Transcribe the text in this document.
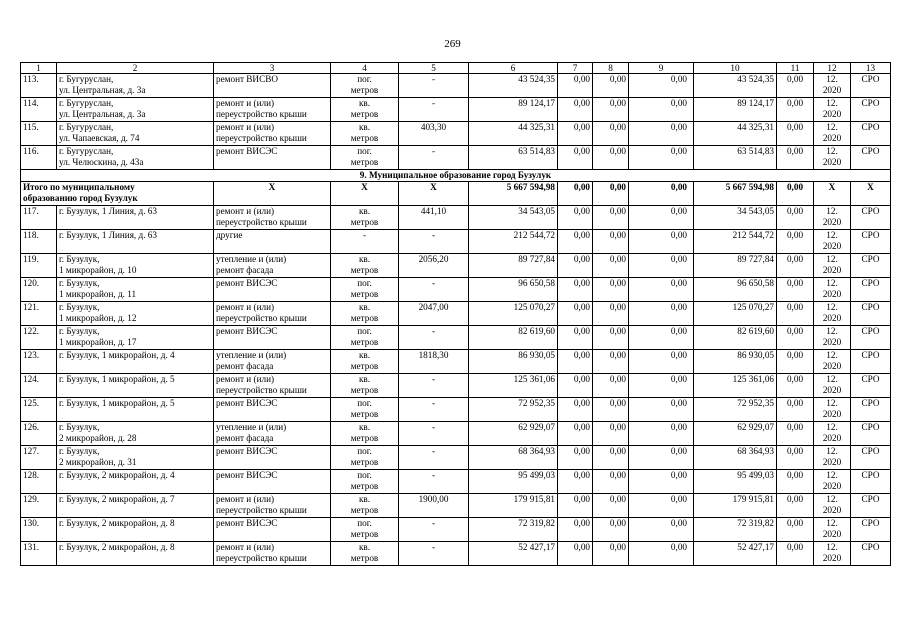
269
1	2	3	4	5	6	7	8	9	10	11	12	13
113.	г. Бугуруслан,
ул. Центральная, д. 3а	ремонт ВИСВО	пог.
метров	-	43 524,35	0,00	0,00	0,00	43 524,35	0,00	12.
2020	СРО
114.	г. Бугуруслан,
ул. Центральная, д. 3а	ремонт и (или)
переустройство крыши	кв.
метров	-	89 124,17	0,00	0,00	0,00	89 124,17	0,00	12.
2020	СРО
115.	г. Бугуруслан,
ул. Чапаевская, д. 74	ремонт и (или)
переустройство крыши	кв.
метров	403,30	44 325,31	0,00	0,00	0,00	44 325,31	0,00	12.
2020	СРО
116.	г. Бугуруслан,
ул. Челюскина, д. 43а	ремонт ВИСЭС	пог.
метров	-	63 514,83	0,00	0,00	0,00	63 514,83	0,00	12.
2020	СРО
9. Муниципальное образование город Бузулук												
Итого по муниципальному
образованию город Бузулук		X	X	X	5 667 594,98	0,00	0,00	0,00	5 667 594,98	0,00	X	X
117.	г. Бузулук, 1 Линия, д. 63	ремонт и (или)
переустройство крыши	кв.
метров	441,10	34 543,05	0,00	0,00	0,00	34 543,05	0,00	12.
2020	СРО
118.	г. Бузулук, 1 Линия, д. 63	другие	-	-	212 544,72	0,00	0,00	0,00	212 544,72	0,00	12.
2020	СРО
119.	г. Бузулук,
1 микрорайон, д. 10	утепление и (или)
ремонт фасада	кв.
метров	2056,20	89 727,84	0,00	0,00	0,00	89 727,84	0,00	12.
2020	СРО
120.	г. Бузулук,
1 микрорайон, д. 11	ремонт ВИСЭС	пог.
метров	-	96 650,58	0,00	0,00	0,00	96 650,58	0,00	12.
2020	СРО
121.	г. Бузулук,
1 микрорайон, д. 12	ремонт и (или)
переустройство крыши	кв.
метров	2047,00	125 070,27	0,00	0,00	0,00	125 070,27	0,00	12.
2020	СРО
122.	г. Бузулук,
1 микрорайон, д. 17	ремонт ВИСЭС	пог.
метров	-	82 619,60	0,00	0,00	0,00	82 619,60	0,00	12.
2020	СРО
123.	г. Бузулук, 1 микрорайон, д. 4	утепление и (или)
ремонт фасада	кв.
метров	1818,30	86 930,05	0,00	0,00	0,00	86 930,05	0,00	12.
2020	СРО
124.	г. Бузулук, 1 микрорайон, д. 5	ремонт и (или)
переустройство крыши	кв.
метров	-	125 361,06	0,00	0,00	0,00	125 361,06	0,00	12.
2020	СРО
125.	г. Бузулук, 1 микрорайон, д. 5	ремонт ВИСЭС	пог.
метров	-	72 952,35	0,00	0,00	0,00	72 952,35	0,00	12.
2020	СРО
126.	г. Бузулук,
2 микрорайон, д. 28	утепление и (или)
ремонт фасада	кв.
метров	-	62 929,07	0,00	0,00	0,00	62 929,07	0,00	12.
2020	СРО
127.	г. Бузулук,
2 микрорайон, д. 31	ремонт ВИСЭС	пог.
метров	-	68 364,93	0,00	0,00	0,00	68 364,93	0,00	12.
2020	СРО
128.	г. Бузулук, 2 микрорайон, д. 4	ремонт ВИСЭС	пог.
метров	-	95 499,03	0,00	0,00	0,00	95 499,03	0,00	12.
2020	СРО
129.	г. Бузулук, 2 микрорайон, д. 7	ремонт и (или)
переустройство крыши	кв.
метров	1900,00	179 915,81	0,00	0,00	0,00	179 915,81	0,00	12.
2020	СРО
130.	г. Бузулук, 2 микрорайон, д. 8	ремонт ВИСЭС	пог.
метров	-	72 319,82	0,00	0,00	0,00	72 319,82	0,00	12.
2020	СРО
131.	г. Бузулук, 2 микрорайон, д. 8	ремонт и (или)
переустройство крыши	кв.
метров	-	52 427,17	0,00	0,00	0,00	52 427,17	0,00	12.
2020	СРО
